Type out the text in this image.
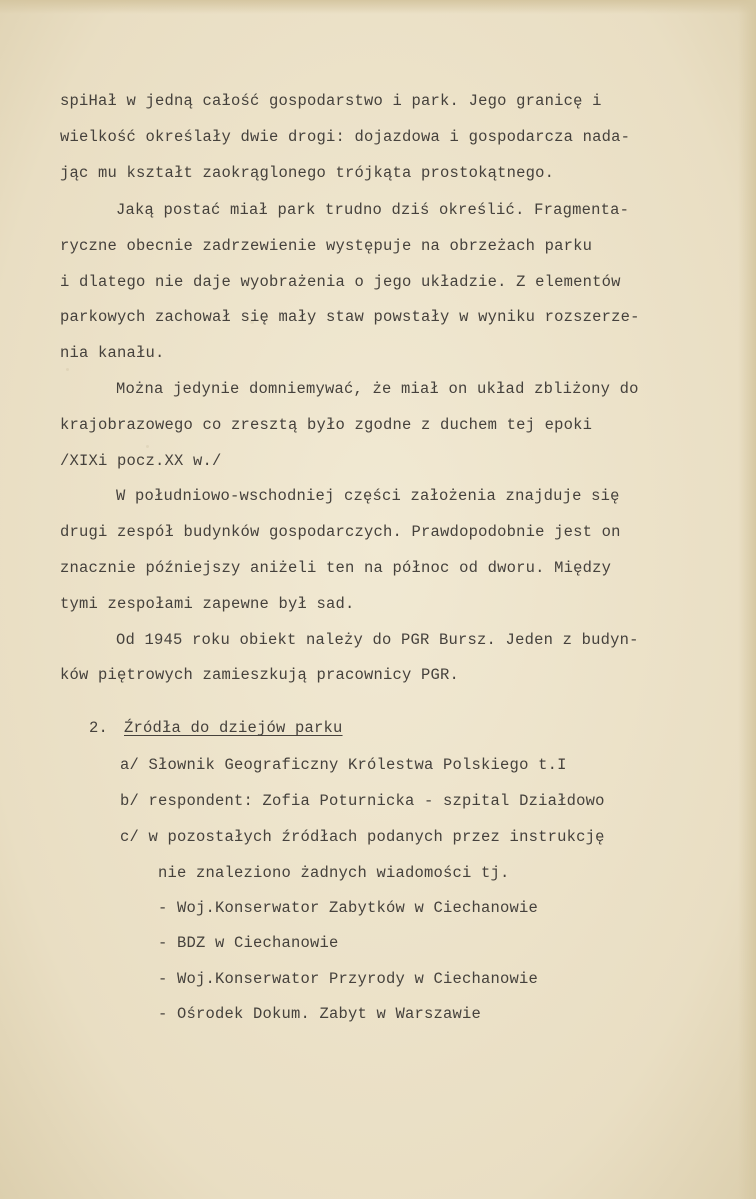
spiHał w jedną całość gospodarstwo i park. Jego granicę i
wielkość określały dwie drogi: dojazdowa i gospodarcza nada-
jąc mu kształt zaokrąglonego trójkąta prostokątnego.
Jaką postać miał park trudno dziś określić. Fragmenta-
ryczne obecnie zadrzewienie występuje na obrzeżach parku
i dlatego nie daje wyobrażenia o jego układzie. Z elementów
parkowych zachował się mały staw powstały w wyniku rozszerze-
nia kanału.
Można jedynie domniemywać, że miał on układ zbliżony do
krajobrazowego co zresztą było zgodne z duchem tej epoki
/XIXi pocz.XX w./
W południowo-wschodniej części założenia znajduje się
drugi zespół budynków gospodarczych. Prawdopodobnie jest on
znacznie późniejszy aniżeli ten na północ od dworu. Między
tymi zespołami zapewne był sad.
Od 1945 roku obiekt należy do PGR Bursz. Jeden z budyn-
ków piętrowych zamieszkują pracownicy PGR.
2. Źródła do dziejów parku
a/ Słownik Geograficzny Królestwa Polskiego t.I
b/ respondent: Zofia Poturnicka - szpital Działdowo
c/ w pozostałych źródłach podanych przez instrukcję
nie znaleziono żadnych wiadomości tj.
- Woj.Konserwator Zabytków w Ciechanowie
- BDZ w Ciechanowie
- Woj.Konserwator Przyrody w Ciechanowie
- Ośrodek Dokum. Zabyt w Warszawie
